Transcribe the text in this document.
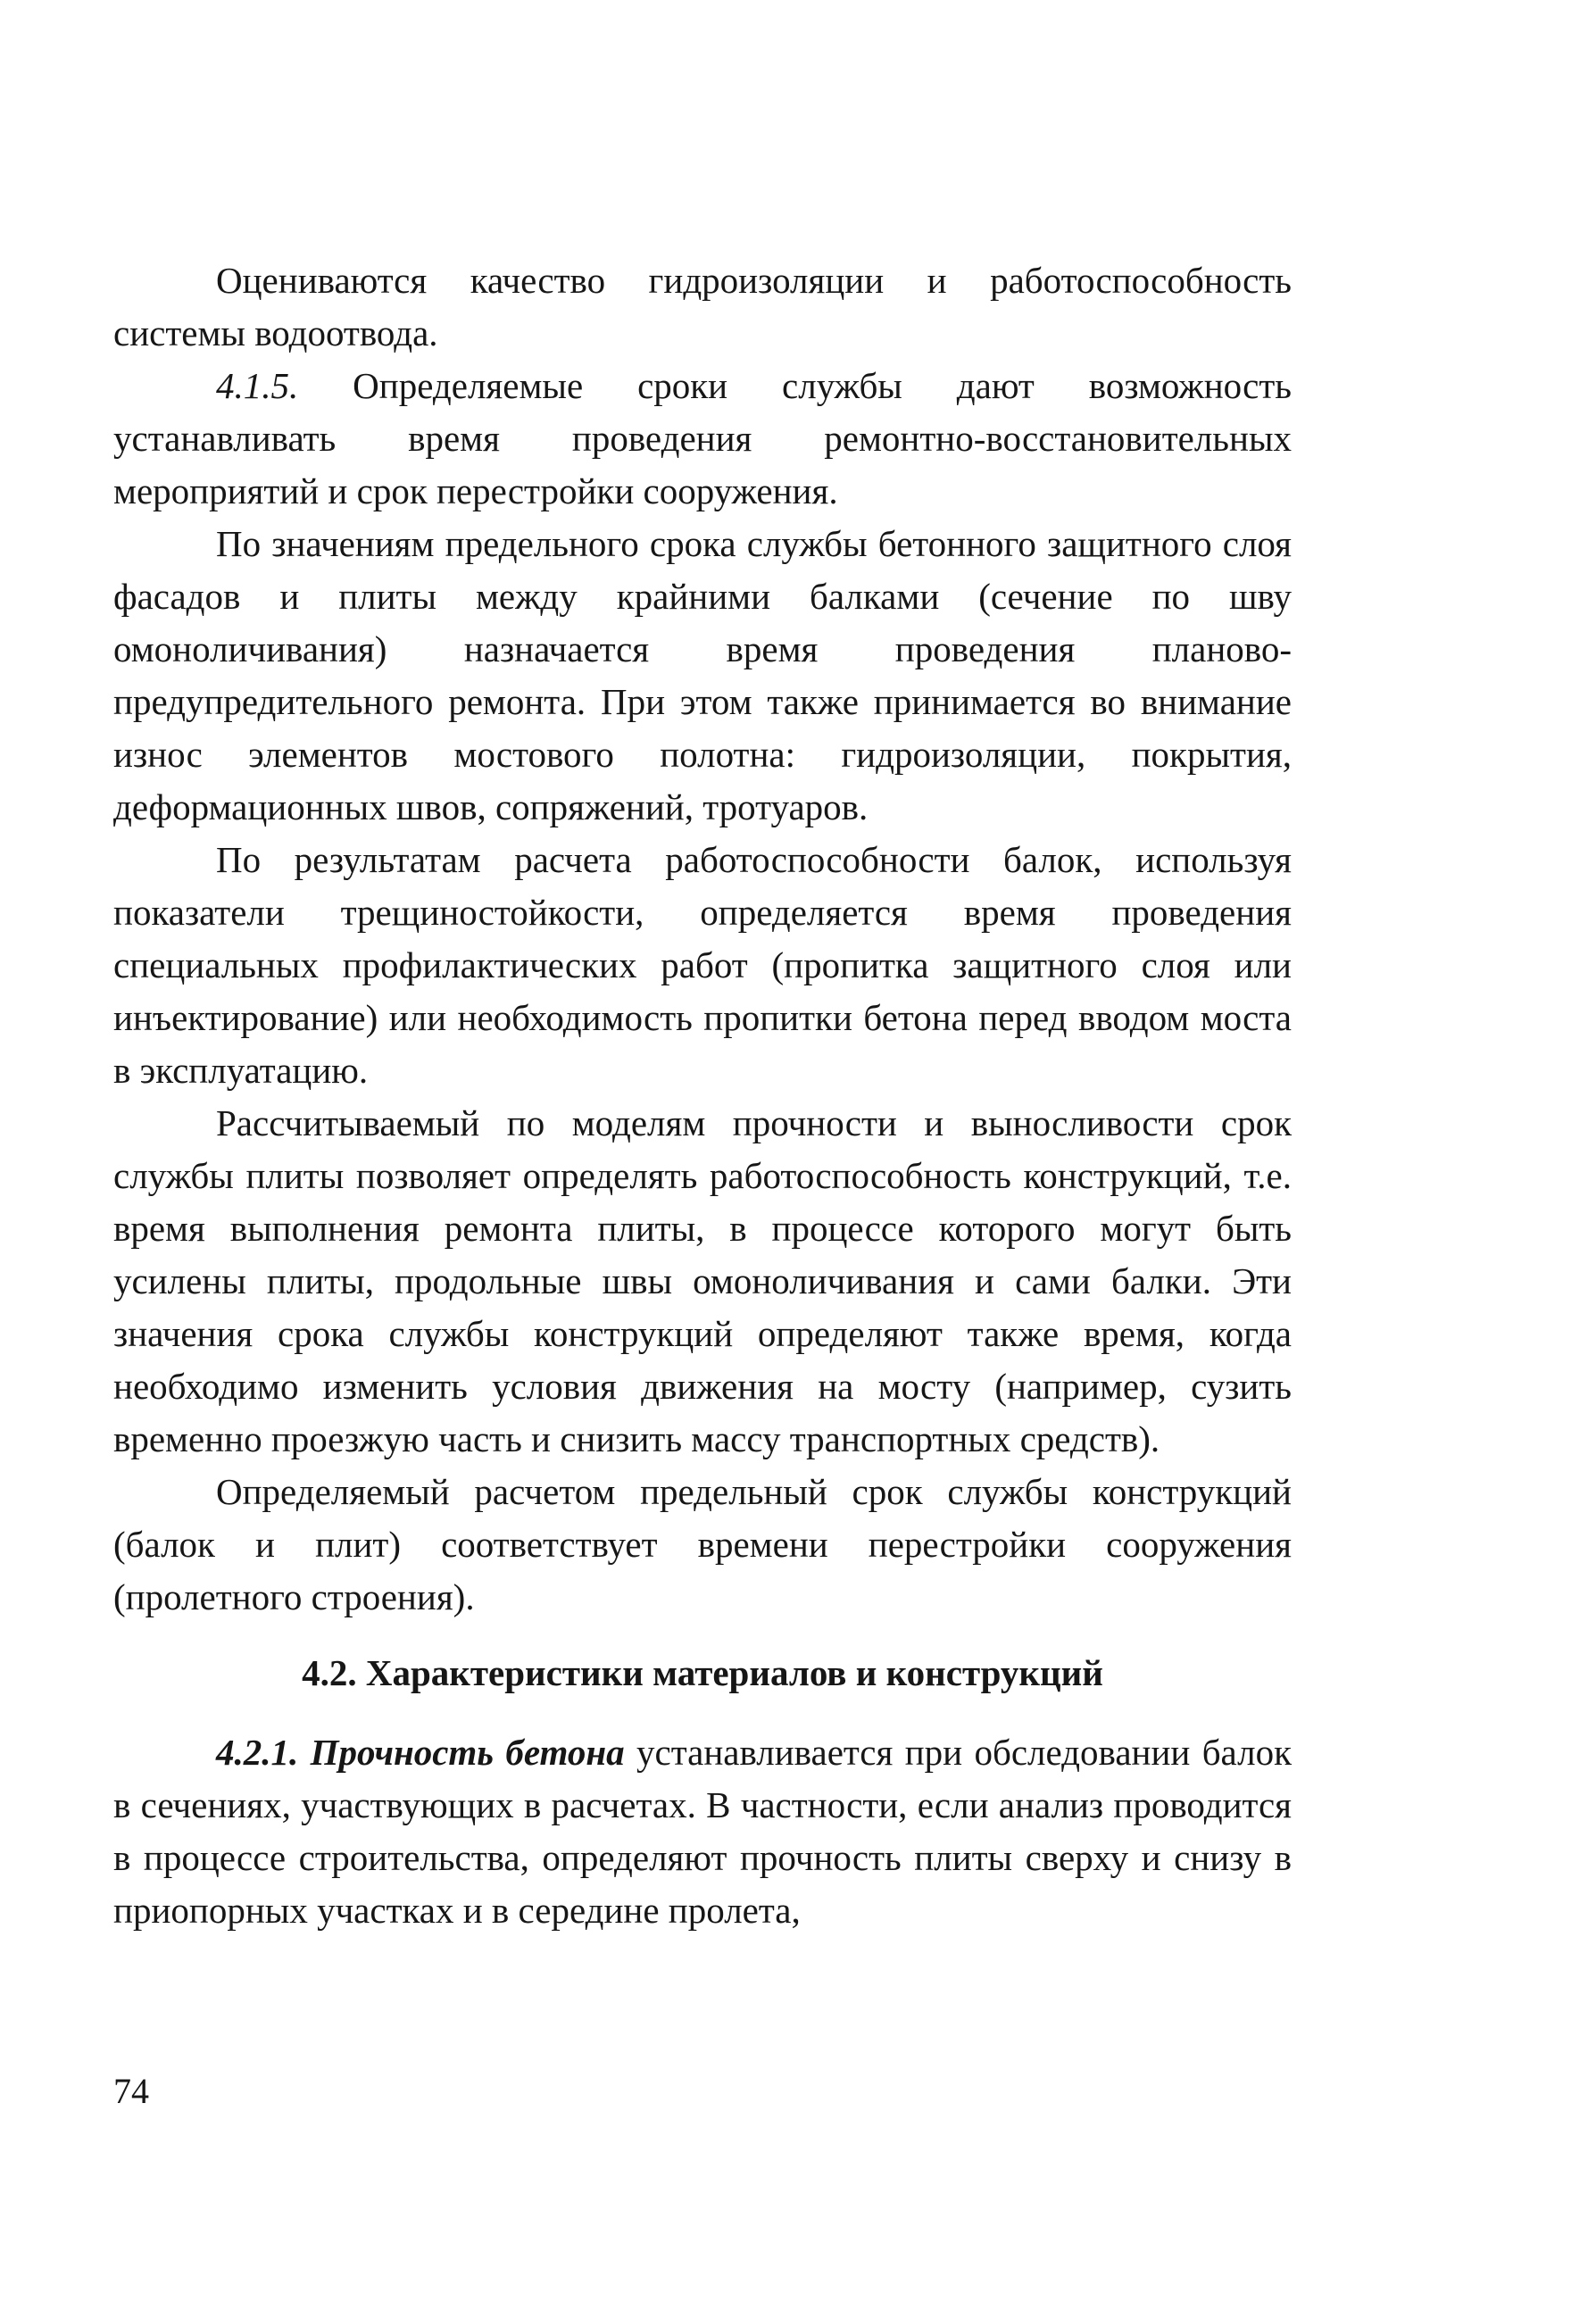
Оцениваются качество гидроизоляции и работоспособность системы водоотвода.

4.1.5. Определяемые сроки службы дают возможность устанавливать время проведения ремонтно-восстановительных мероприятий и срок перестройки сооружения.

По значениям предельного срока службы бетонного защитного слоя фасадов и плиты между крайними балками (сечение по шву омоноличивания) назначается время проведения планово-предупредительного ремонта. При этом также принимается во внимание износ элементов мостового полотна: гидроизоляции, покрытия, деформационных швов, сопряжений, тротуаров.

По результатам расчета работоспособности балок, используя показатели трещиностойкости, определяется время проведения специальных профилактических работ (пропитка защитного слоя или инъектирование) или необходимость пропитки бетона перед вводом моста в эксплуатацию.

Рассчитываемый по моделям прочности и выносливости срок службы плиты позволяет определять работоспособность конструкций, т.е. время выполнения ремонта плиты, в процессе которого могут быть усилены плиты, продольные швы омоноличивания и сами балки. Эти значения срока службы конструкций определяют также время, когда необходимо изменить условия движения на мосту (например, сузить временно проезжую часть и снизить массу транспортных средств).

Определяемый расчетом предельный срок службы конструкций (балок и плит) соответствует времени перестройки сооружения (пролетного строения).

4.2. Характеристики материалов и конструкций

4.2.1. Прочность бетона устанавливается при обследовании балок в сечениях, участвующих в расчетах. В частности, если анализ проводится в процессе строительства, определяют прочность плиты сверху и снизу в приопорных участках и в середине пролета,

74
